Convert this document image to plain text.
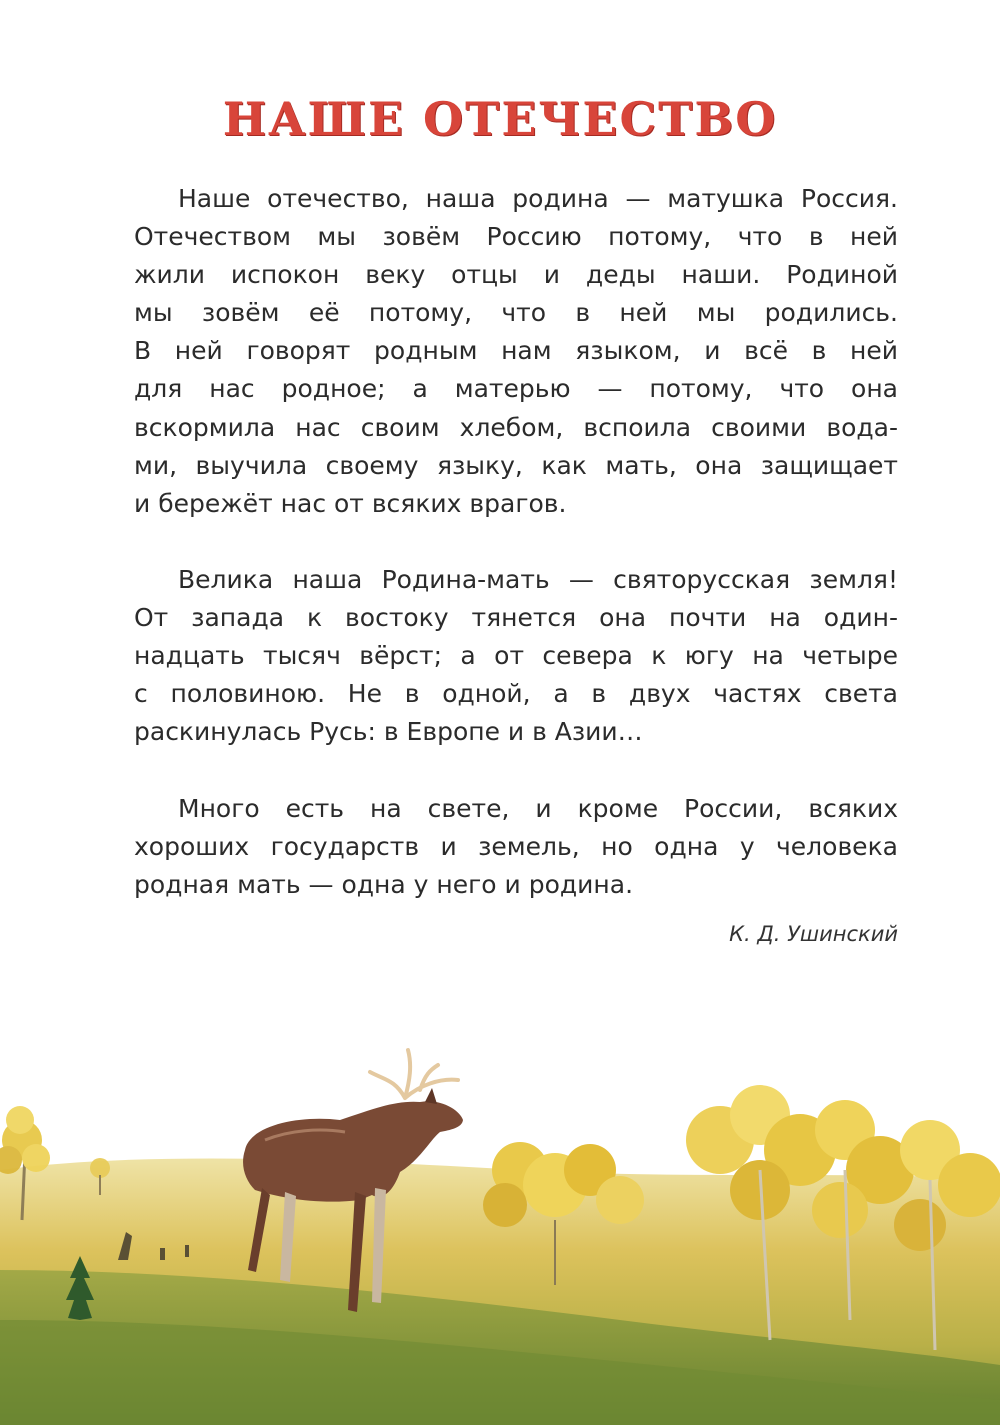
НАШЕ ОТЕЧЕСТВО
Наше отечество, наша родина — матушка Россия.
Отечеством мы зовём Россию потому, что в ней
жили испокон веку отцы и деды наши. Родиной
мы зовём её потому, что в ней мы родились.
В ней говорят родным нам языком, и всё в ней
для нас родное; а матерью — потому, что она
вскормила нас своим хлебом, вспоила своими вода-
ми, выучила своему языку, как мать, она защищает
и бережёт нас от всяких врагов.
Велика наша Родина-мать — святорусская земля!
От запада к востоку тянется она почти на один-
надцать тысяч вёрст; а от севера к югу на четыре
с половиною. Не в одной, а в двух частях света
раскинулась Русь: в Европе и в Азии…
Много есть на свете, и кроме России, всяких
хороших государств и земель, но одна у человека
родная мать — одна у него и родина.
К. Д. Ушинский
